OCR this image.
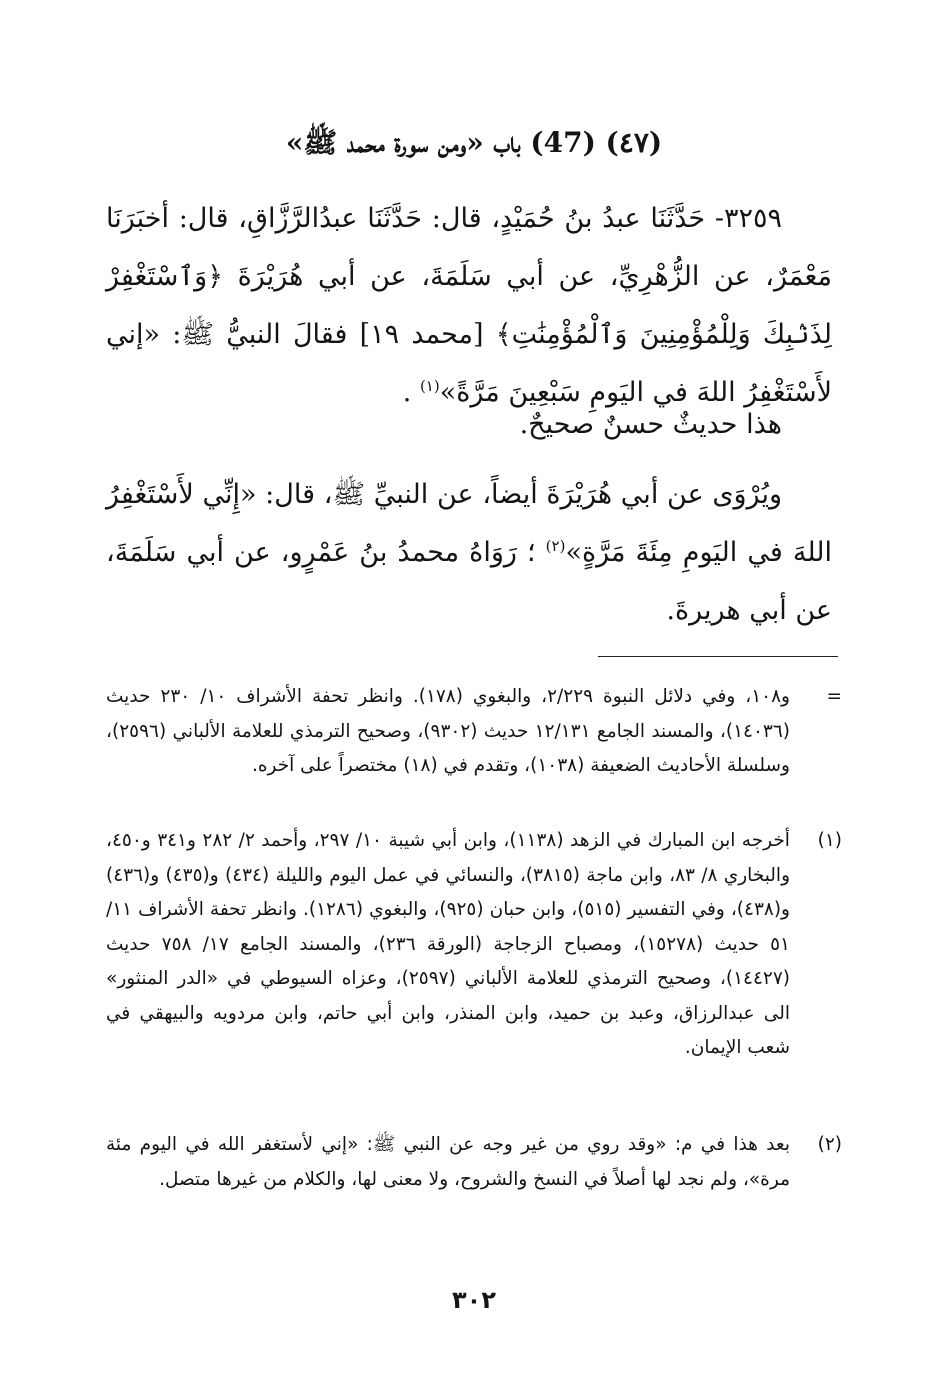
(٤٧) (47) باب «ومن سورة محمد ﷺ»
٣٢٥٩- حَدَّثَنَا عبدُ بنُ حُمَيْدٍ، قال: حَدَّثَنَا عبدُالرَّزَّاقِ، قال: أخبَرَنَا مَعْمَرٌ، عن الزُّهْرِيِّ، عن أبي سَلَمَةَ، عن أبي هُرَيْرَةَ ﴿وَٱسْتَغْفِرْ لِذَنۢبِكَ وَلِلْمُؤْمِنِينَ وَٱلْمُؤْمِنَٰتِ﴾ [محمد ١٩] فقالَ النبيُّ ﷺ: «إني لأَسْتَغْفِرُ اللهَ في اليَومِ سَبْعِينَ مَرَّةً»$^{(١)}$ .
هذا حديثٌ حسنٌ صحيحٌ.
ويُرْوَى عن أبي هُرَيْرَةَ أيضاً، عن النبيِّ ﷺ، قال: «إِنِّي لأَسْتَغْفِرُ اللهَ في اليَومِ مِئَةَ مَرَّةٍ»$^{(٢)}$ ؛ رَوَاهُ محمدُ بنُ عَمْرٍو، عن أبي سَلَمَةَ، عن أبي هريرةَ.
=
و١٠٨، وفي دلائل النبوة ٢/٢٢٩، والبغوي (١٧٨). وانظر تحفة الأشراف ١٠/ ٢٣٠ حديث (١٤٠٣٦)، والمسند الجامع ١٢/١٣١ حديث (٩٣٠٢)، وصحيح الترمذي للعلامة الألباني (٢٥٩٦)، وسلسلة الأحاديث الضعيفة (١٠٣٨)، وتقدم في (١٨) مختصراً على آخره.
(١)
أخرجه ابن المبارك في الزهد (١١٣٨)، وابن أبي شيبة ١٠/ ٢٩٧، وأحمد ٢/ ٢٨٢ و٣٤١ و٤٥٠، والبخاري ٨/ ٨٣، وابن ماجة (٣٨١٥)، والنسائي في عمل اليوم والليلة (٤٣٤) و(٤٣٥) و(٤٣٦) و(٤٣٨)، وفي التفسير (٥١٥)، وابن حبان (٩٢٥)، والبغوي (١٢٨٦). وانظر تحفة الأشراف ١١/ ٥١ حديث (١٥٢٧٨)، ومصباح الزجاجة (الورقة ٢٣٦)، والمسند الجامع ١٧/ ٧٥٨ حديث (١٤٤٢٧)، وصحيح الترمذي للعلامة الألباني (٢٥٩٧)، وعزاه السيوطي في «الدر المنثور» الى عبدالرزاق، وعبد بن حميد، وابن المنذر، وابن أبي حاتم، وابن مردويه والبيهقي في شعب الإيمان.
(٢)
بعد هذا في م: «وقد روي من غير وجه عن النبي ﷺ: «إني لأستغفر الله في اليوم مئة مرة»، ولم نجد لها أصلاً في النسخ والشروح، ولا معنى لها، والكلام من غيرها متصل.
٣٠٢
